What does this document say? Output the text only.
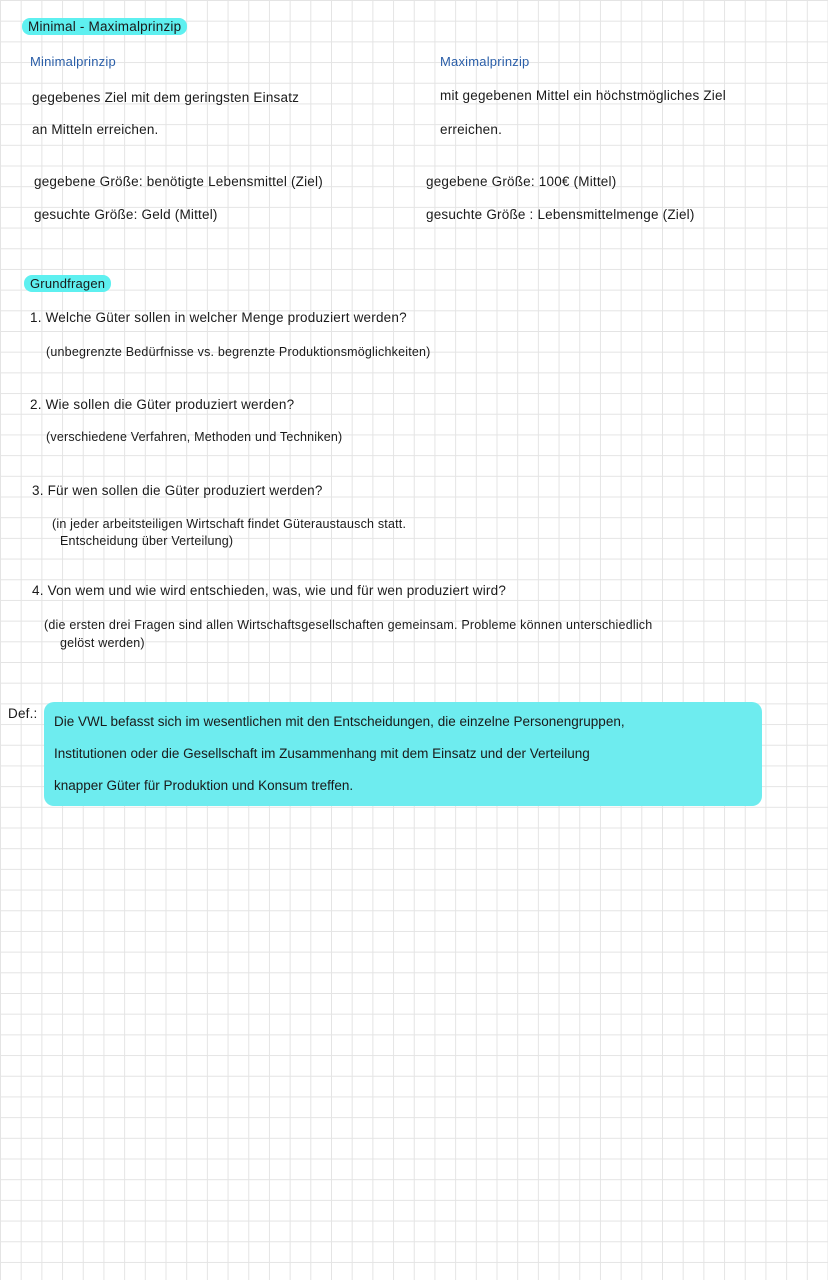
Minimal - Maximalprinzip
Minimalprinzip
gegebenes Ziel mit dem geringsten Einsatz
an Mitteln erreichen.
gegebene Größe: benötigte Lebensmittel (Ziel)
gesuchte Größe: Geld (Mittel)
Maximalprinzip
mit gegebenen Mittel ein höchstmögliches Ziel
erreichen.
gegebene Größe: 100€ (Mittel)
gesuchte Größe : Lebensmittelmenge (Ziel)
Grundfragen
1. Welche Güter sollen in welcher Menge produziert werden?
(unbegrenzte Bedürfnisse vs. begrenzte Produktionsmöglichkeiten)
2. Wie sollen die Güter produziert werden?
(verschiedene Verfahren, Methoden und Techniken)
3. Für wen sollen die Güter produziert werden?
(in jeder arbeitsteiligen Wirtschaft findet Güteraustausch statt.
Entscheidung über Verteilung)
4. Von wem und wie wird entschieden, was, wie und für wen produziert wird?
(die ersten drei Fragen sind allen Wirtschaftsgesellschaften gemeinsam. Probleme können unterschiedlich
gelöst werden)
Def.:
Die VWL befasst sich im wesentlichen mit den Entscheidungen, die einzelne Personengruppen,
Institutionen oder die Gesellschaft im Zusammenhang mit dem Einsatz und der Verteilung
knapper Güter für Produktion und Konsum treffen.
